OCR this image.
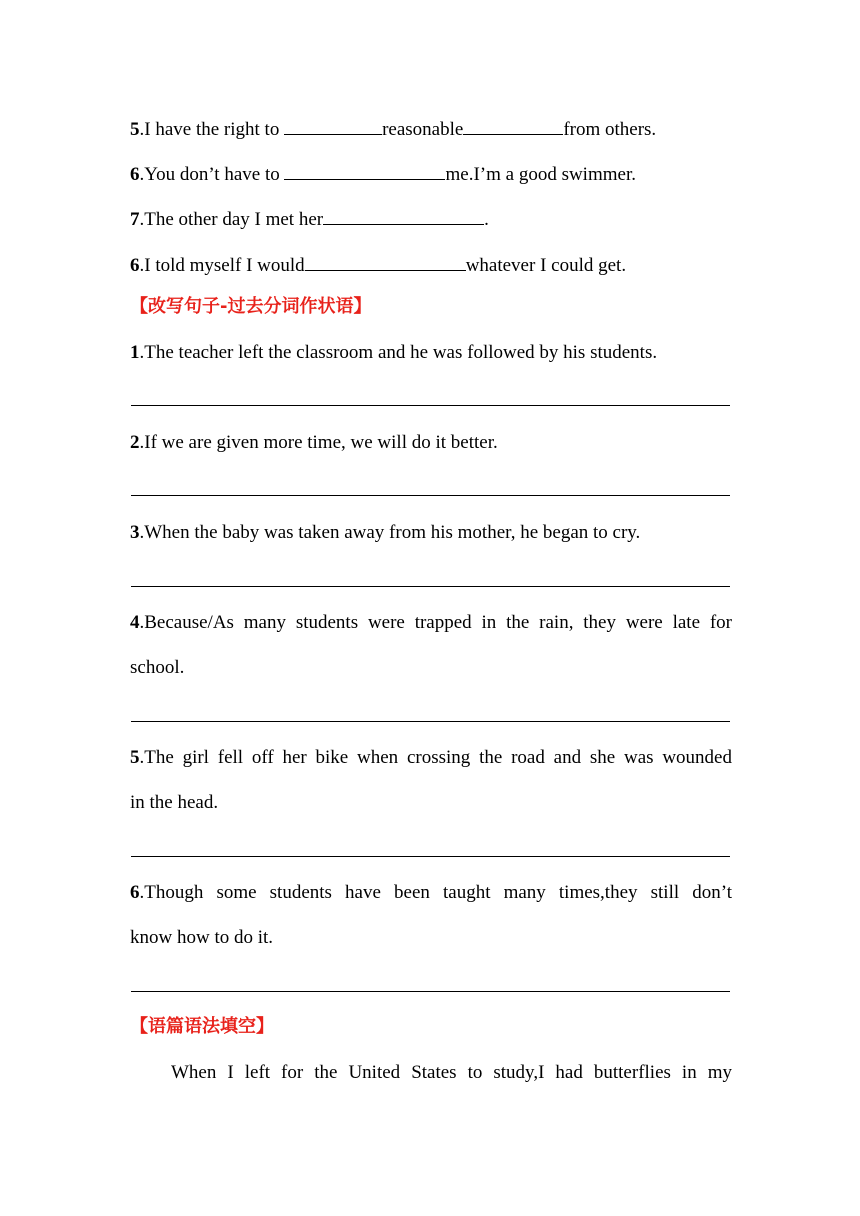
5.I have the right to	reasonable	from others.
6.You don’t have to	me.I’m a good swimmer.
7.The other day I met her	.
6.I told myself I would	whatever I could get.
【改写句子-过去分词作状语】
1.The teacher left the classroom and he was followed by his students.
2.If we are given more time, we will do it better.
3.When the baby was taken away from his mother, he began to cry.
4.Because/As many students were trapped in the rain, they were late for
school.
5.The girl fell off her bike when crossing the road and she was wounded
in the head.
6.Though some students have been taught many times,they still don’t
know how to do it.
【语篇语法填空】
When I left for the United States to study,I had butterflies in my
